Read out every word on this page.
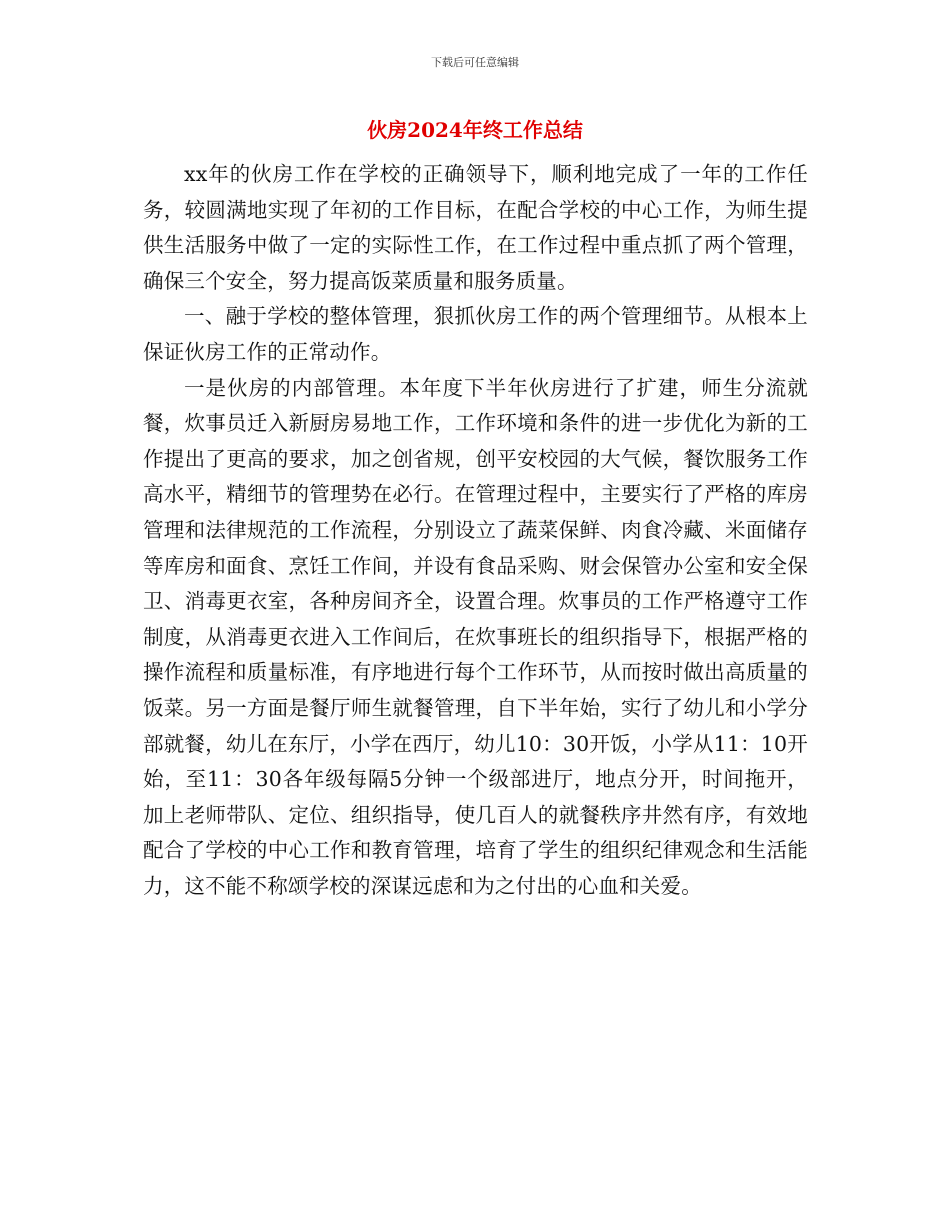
下载后可任意编辑
伙房2024年终工作总结

xx年的伙房工作在学校的正确领导下，顺利地完成了一年的工作任务，较圆满地实现了年初的工作目标，在配合学校的中心工作，为师生提供生活服务中做了一定的实际性工作，在工作过程中重点抓了两个管理，确保三个安全，努力提高饭菜质量和服务质量。

一、融于学校的整体管理，狠抓伙房工作的两个管理细节。从根本上保证伙房工作的正常动作。

一是伙房的内部管理。本年度下半年伙房进行了扩建，师生分流就餐，炊事员迁入新厨房易地工作，工作环境和条件的进一步优化为新的工作提出了更高的要求，加之创省规，创平安校园的大气候，餐饮服务工作高水平，精细节的管理势在必行。在管理过程中，主要实行了严格的库房管理和法律规范的工作流程，分别设立了蔬菜保鲜、肉食冷藏、米面储存等库房和面食、烹饪工作间，并设有食品采购、财会保管办公室和安全保卫、消毒更衣室，各种房间齐全，设置合理。炊事员的工作严格遵守工作制度，从消毒更衣进入工作间后，在炊事班长的组织指导下，根据严格的操作流程和质量标准，有序地进行每个工作环节，从而按时做出高质量的饭菜。另一方面是餐厅师生就餐管理，自下半年始，实行了幼儿和小学分部就餐，幼儿在东厅，小学在西厅，幼儿10：30开饭，小学从11：10开始，至11：30各年级每隔5分钟一个级部进厅，地点分开，时间拖开，加上老师带队、定位、组织指导，使几百人的就餐秩序井然有序，有效地配合了学校的中心工作和教育管理，培育了学生的组织纪律观念和生活能力，这不能不称颂学校的深谋远虑和为之付出的心血和关爱。
